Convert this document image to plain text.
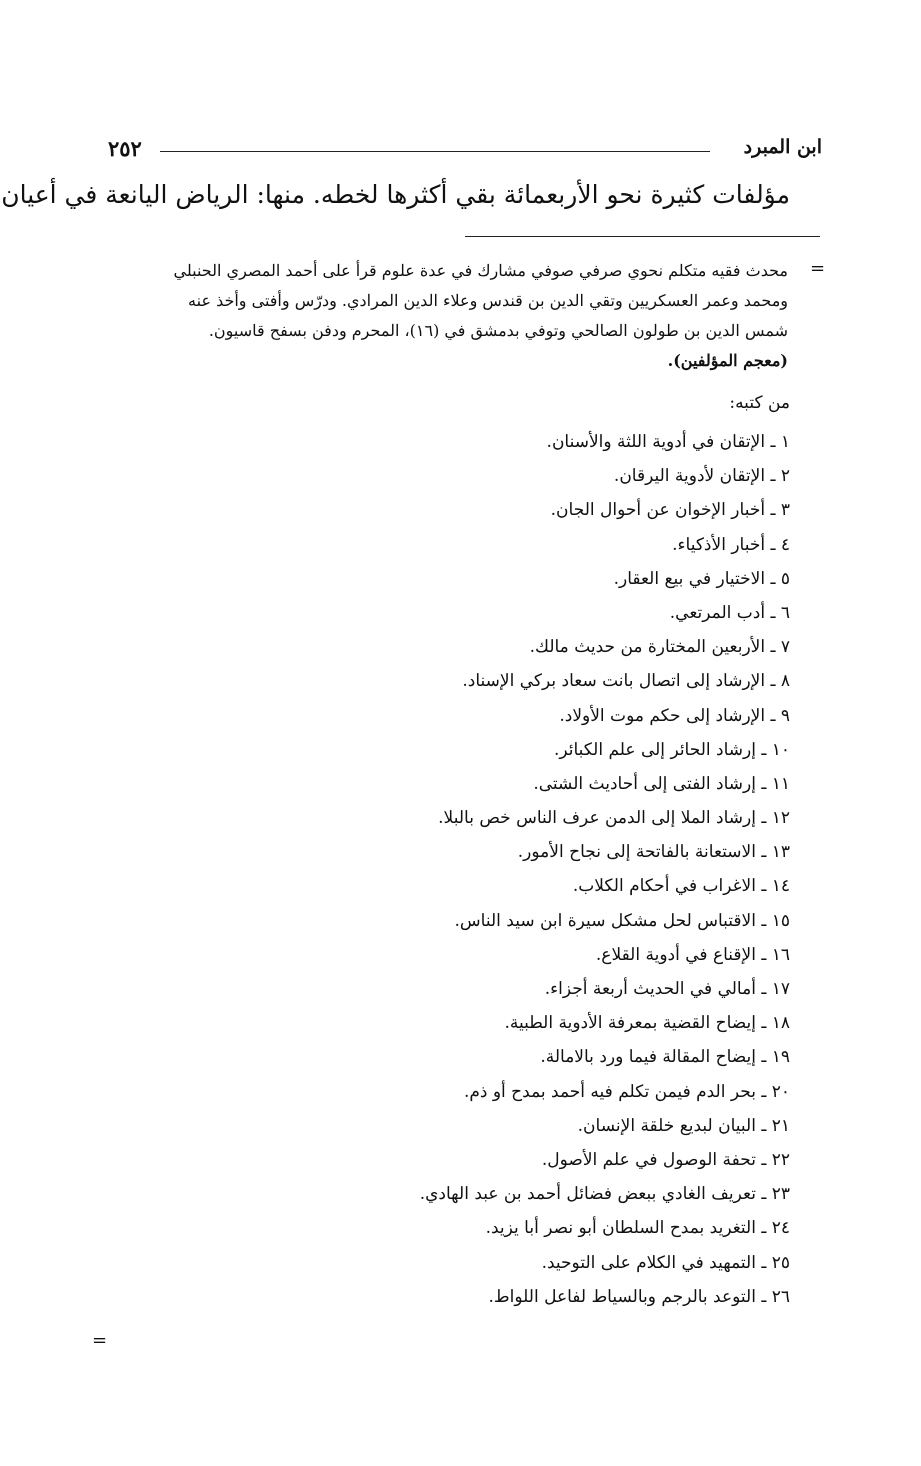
٢٥٢	ابن المبرد
مؤلفات كثيرة نحو الأربعمائة بقي أكثرها لخطه. منها: الرياض اليانعة في أعيان
=

محدث فقيه متكلم نحوي صرفي صوفي مشارك في عدة علوم قرأ على أحمد المصري الحنبلي

ومحمد وعمر العسكريين وتقي الدين بن قندس وعلاء الدين المرادي. ودرّس وأفتى وأخذ عنه

شمس الدين بن طولون الصالحي وتوفي بدمشق في (١٦)، المحرم ودفن بسفح قاسيون.

(معجم المؤلفين).

من كتبه:
١ ـ الإتقان في أدوية اللثة والأسنان.
٢ ـ الإتقان لأدوية اليرقان.
٣ ـ أخبار الإخوان عن أحوال الجان.
٤ ـ أخبار الأذكياء.
٥ ـ الاختيار في بيع العقار.
٦ ـ أدب المرتعي.
٧ ـ الأربعين المختارة من حديث مالك.
٨ ـ الإرشاد إلى اتصال بانت سعاد بركي الإسناد.
٩ ـ الإرشاد إلى حكم موت الأولاد.
١٠ ـ إرشاد الحائر إلى علم الكبائر.
١١ ـ إرشاد الفتى إلى أحاديث الشتى.
١٢ ـ إرشاد الملا إلى الدمن عرف الناس خص بالبلا.
١٣ ـ الاستعانة بالفاتحة إلى نجاح الأمور.
١٤ ـ الاغراب في أحكام الكلاب.
١٥ ـ الاقتباس لحل مشكل سيرة ابن سيد الناس.
١٦ ـ الإقناع في أدوية القلاع.
١٧ ـ أمالي في الحديث أربعة أجزاء.
١٨ ـ إيضاح القضية بمعرفة الأدوية الطبية.
١٩ ـ إيضاح المقالة فيما ورد بالامالة.
٢٠ ـ بحر الدم فيمن تكلم فيه أحمد بمدح أو ذم.
٢١ ـ البيان لبديع خلقة الإنسان.
٢٢ ـ تحفة الوصول في علم الأصول.
٢٣ ـ تعريف الغادي ببعض فضائل أحمد بن عبد الهادي.
٢٤ ـ التغريد بمدح السلطان أبو نصر أبا يزيد.
٢٥ ـ التمهيد في الكلام على التوحيد.
٢٦ ـ التوعد بالرجم وبالسياط لفاعل اللواط.
=
